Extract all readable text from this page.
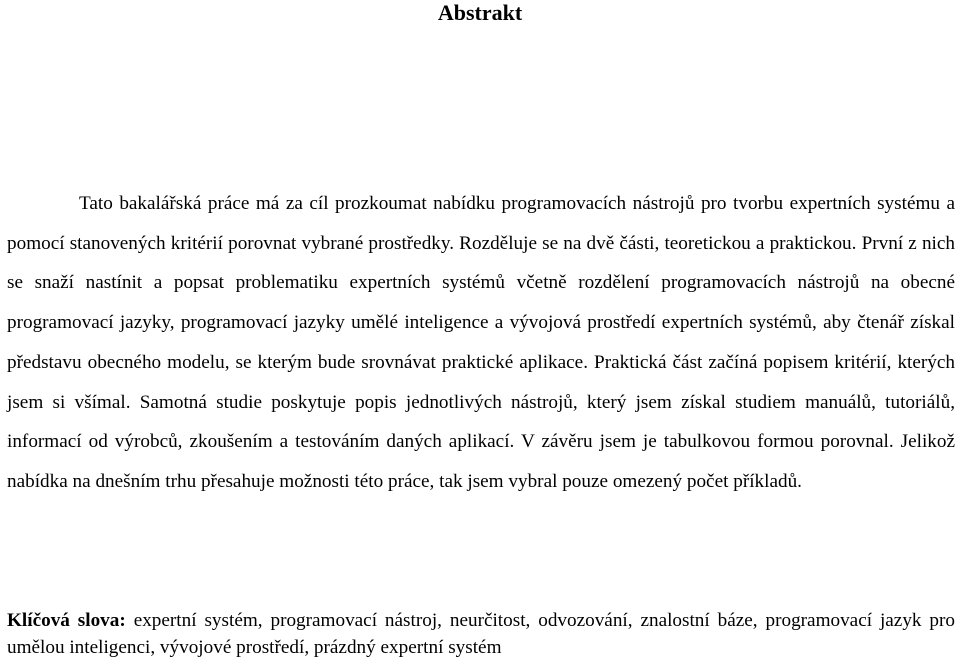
Abstrakt

Tato bakalářská práce má za cíl prozkoumat nabídku programovacích nástrojů pro tvorbu expertních systému a pomocí stanovených kritérií porovnat vybrané prostředky. Rozděluje se na dvě části, teoretickou a praktickou. První z nich se snaží nastínit a popsat problematiku expertních systémů včetně rozdělení programovacích nástrojů na obecné programovací jazyky, programovací jazyky umělé inteligence a vývojová prostředí expertních systémů, aby čtenář získal představu obecného modelu, se kterým bude srovnávat praktické aplikace. Praktická část začíná popisem kritérií, kterých jsem si všímal. Samotná studie poskytuje popis jednotlivých nástrojů, který jsem získal studiem manuálů, tutoriálů, informací od výrobců, zkoušením a testováním daných aplikací. V závěru jsem je tabulkovou formou porovnal. Jelikož nabídka na dnešním trhu přesahuje možnosti této práce, tak jsem vybral pouze omezený počet příkladů.

Klíčová slova: expertní systém, programovací nástroj, neurčitost, odvozování, znalostní báze, programovací jazyk pro umělou inteligenci, vývojové prostředí, prázdný expertní systém
